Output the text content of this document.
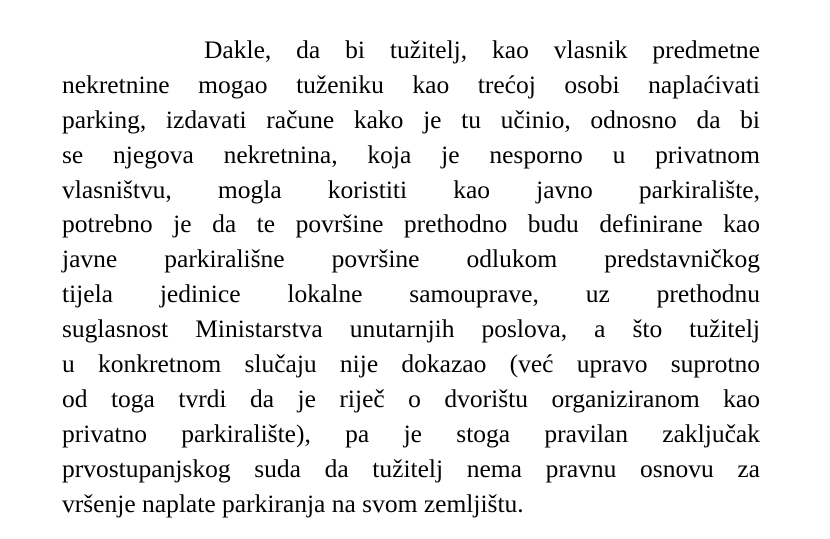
Dakle, da bi tužitelj, kao vlasnik predmetne
nekretnine mogao tuženiku kao trećoj osobi naplaćivati
parking, izdavati račune kako je tu učinio, odnosno da bi
se njegova nekretnina, koja je nesporno u privatnom
vlasništvu, mogla koristiti kao javno parkiralište,
potrebno je da te površine prethodno budu definirane kao
javne parkirališne površine odlukom predstavničkog
tijela jedinice lokalne samouprave, uz prethodnu
suglasnost Ministarstva unutarnjih poslova, a što tužitelj
u konkretnom slučaju nije dokazao (već upravo suprotno
od toga tvrdi da je riječ o dvorištu organiziranom kao
privatno parkiralište), pa je stoga pravilan zaključak
prvostupanjskog suda da tužitelj nema pravnu osnovu za
vršenje naplate parkiranja na svom zemljištu.
